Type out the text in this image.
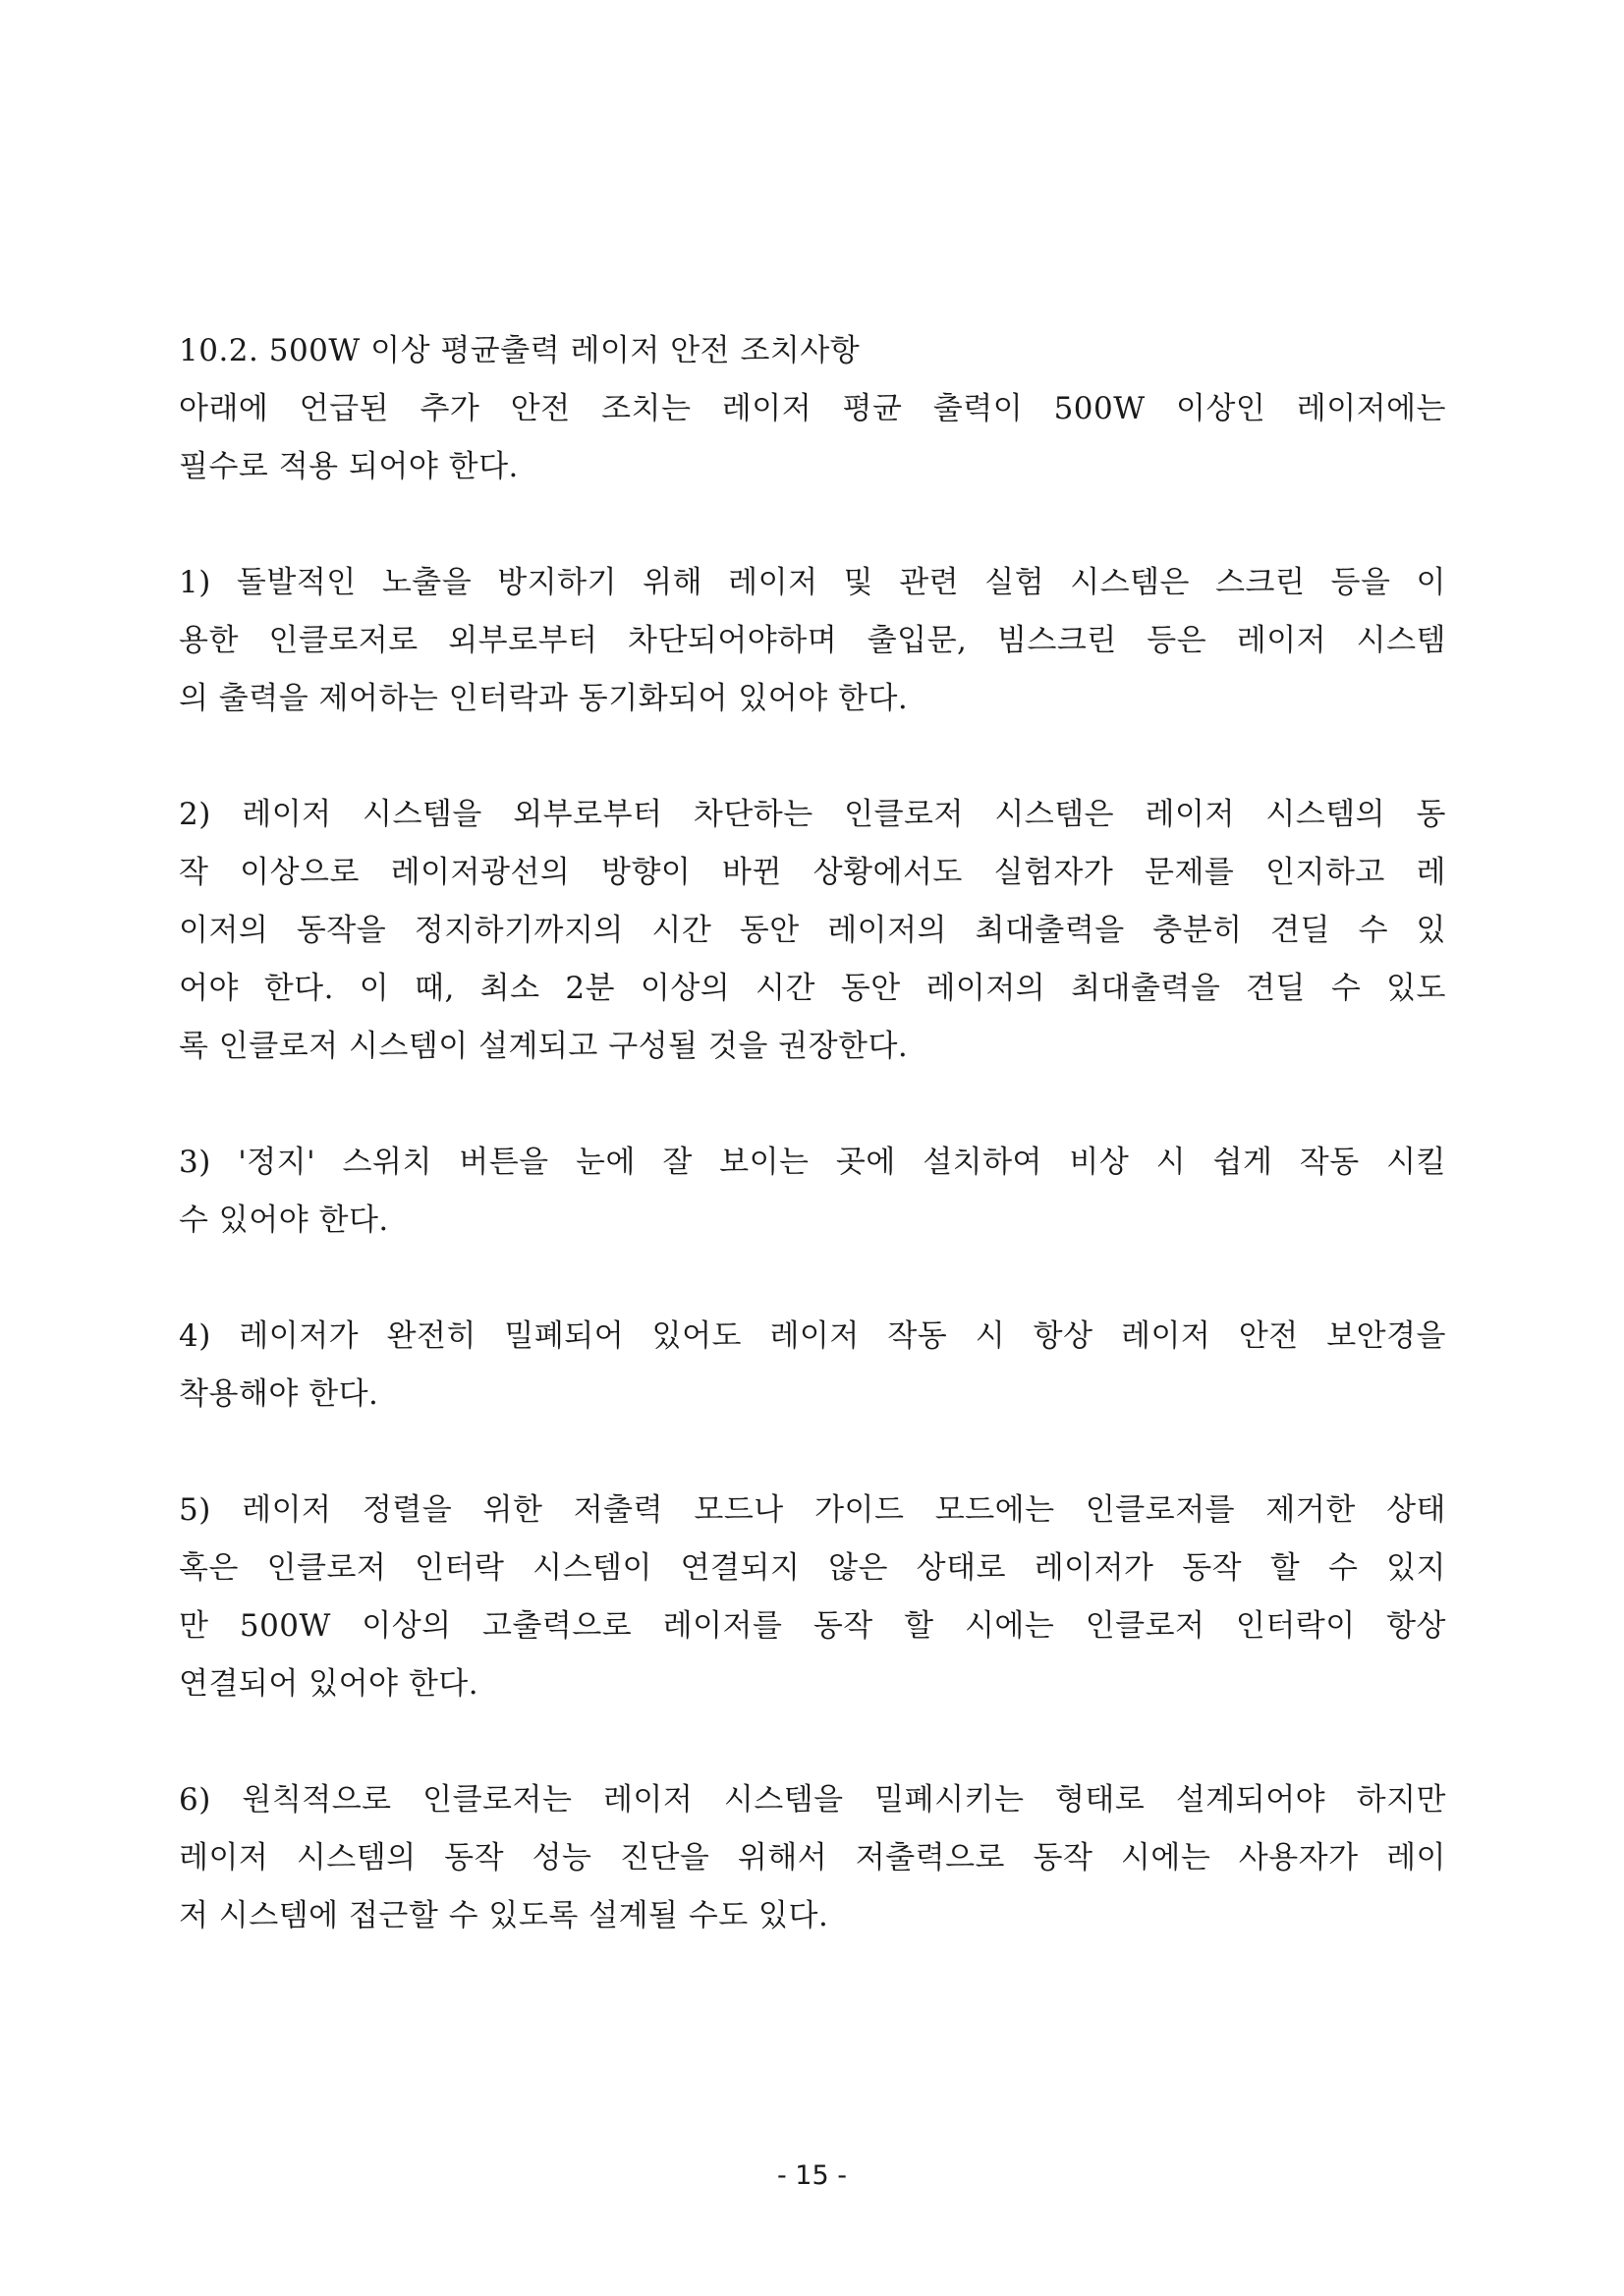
10.2. 500W 이상 평균출력 레이저 안전 조치사항
아래에 언급된 추가 안전 조치는 레이저 평균 출력이 500W 이상인 레이저에는
필수로 적용 되어야 한다.
1) 돌발적인 노출을 방지하기 위해 레이저 및 관련 실험 시스템은 스크린 등을 이
용한 인클로저로 외부로부터 차단되어야하며 출입문, 빔스크린 등은 레이저 시스템
의 출력을 제어하는 인터락과 동기화되어 있어야 한다.
2) 레이저 시스템을 외부로부터 차단하는 인클로저 시스템은 레이저 시스템의 동
작 이상으로 레이저광선의 방향이 바뀐 상황에서도 실험자가 문제를 인지하고 레
이저의 동작을 정지하기까지의 시간 동안 레이저의 최대출력을 충분히 견딜 수 있
어야 한다. 이 때, 최소 2분 이상의 시간 동안 레이저의 최대출력을 견딜 수 있도
록 인클로저 시스템이 설계되고 구성될 것을 권장한다.
3) '정지' 스위치 버튼을 눈에 잘 보이는 곳에 설치하여 비상 시 쉽게 작동 시킬
수 있어야 한다.
4) 레이저가 완전히 밀폐되어 있어도 레이저 작동 시 항상 레이저 안전 보안경을
착용해야 한다.
5) 레이저 정렬을 위한 저출력 모드나 가이드 모드에는 인클로저를 제거한 상태
혹은 인클로저 인터락 시스템이 연결되지 않은 상태로 레이저가 동작 할 수 있지
만 500W 이상의 고출력으로 레이저를 동작 할 시에는 인클로저 인터락이 항상
연결되어 있어야 한다.
6) 원칙적으로 인클로저는 레이저 시스템을 밀폐시키는 형태로 설계되어야 하지만
레이저 시스템의 동작 성능 진단을 위해서 저출력으로 동작 시에는 사용자가 레이
저 시스템에 접근할 수 있도록 설계될 수도 있다.
- 15 -
